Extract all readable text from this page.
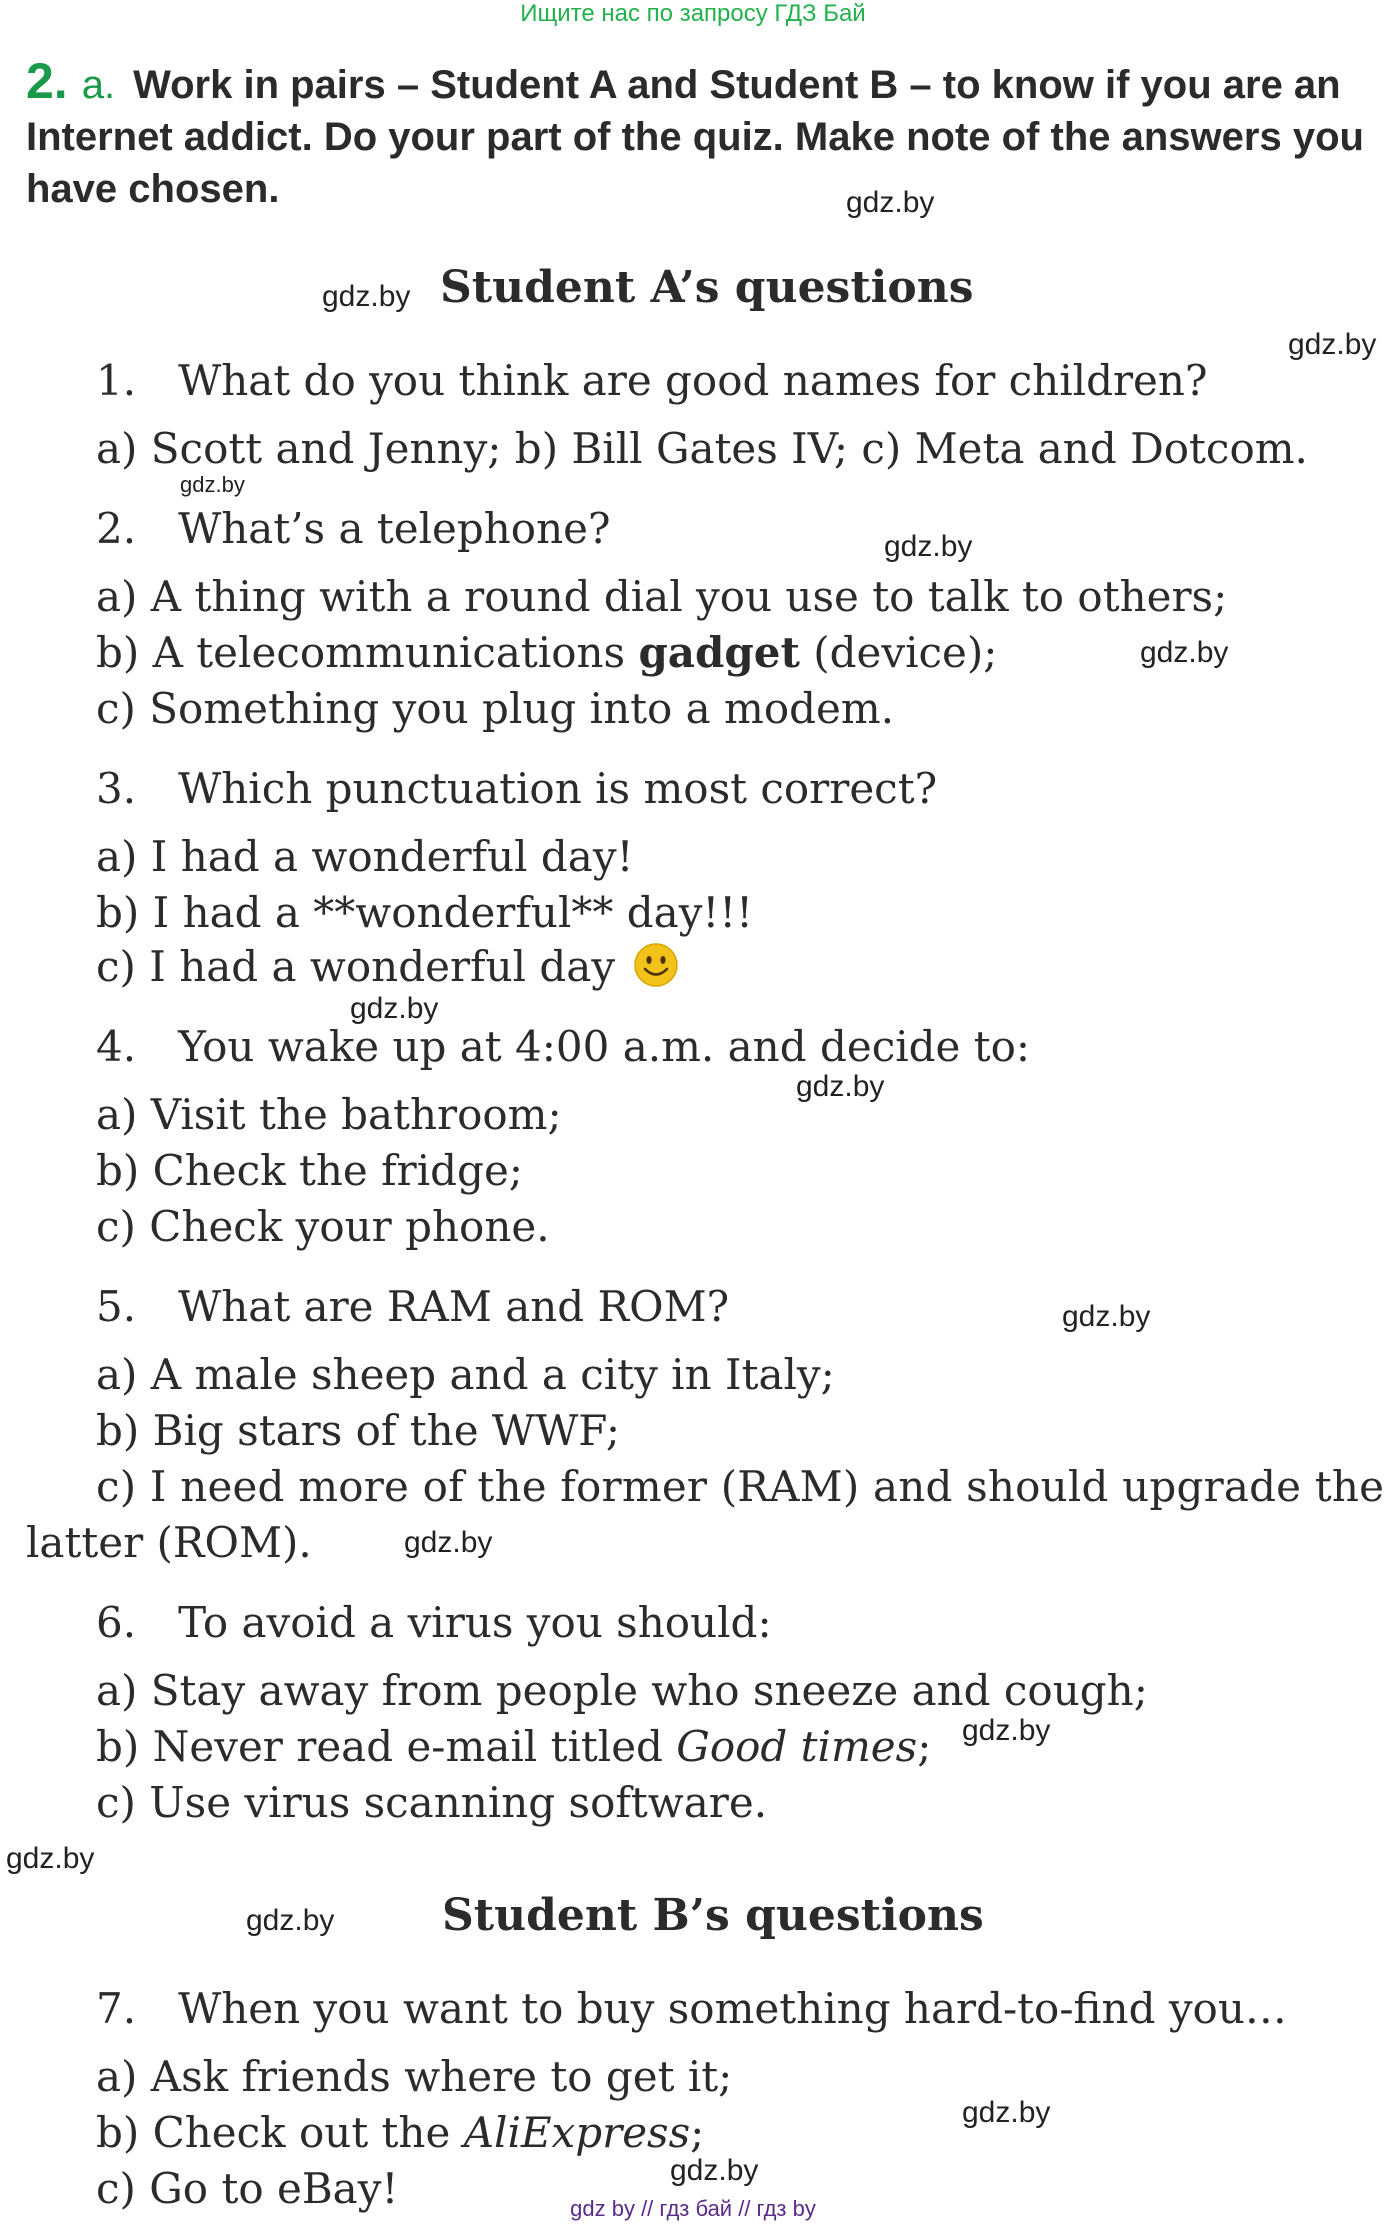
Ищите нас по запросу ГДЗ Бай
2. a. Work in pairs – Student A and Student B – to know if you are an Internet addict. Do your part of the quiz. Make note of the answers you have chosen.
Student A’s questions
1. What do you think are good names for children?
a) Scott and Jenny; b) Bill Gates IV; c) Meta and Dotcom.
2. What’s a telephone?
a) A thing with a round dial you use to talk to others;
b) A telecommunications gadget (device);
c) Something you plug into a modem.
3. Which punctuation is most correct?
a) I had a wonderful day!
b) I had a **wonderful** day!!!
c) I had a wonderful day
4. You wake up at 4:00 a.m. and decide to:
a) Visit the bathroom;
b) Check the fridge;
c) Check your phone.
5. What are RAM and ROM?
a) A male sheep and a city in Italy;
b) Big stars of the WWF;
c) I need more of the former (RAM) and should upgrade the
latter (ROM).
6. To avoid a virus you should:
a) Stay away from people who sneeze and cough;
b) Never read e-mail titled Good times;
c) Use virus scanning software.
Student B’s questions
7. When you want to buy something hard-to-find you…
a) Ask friends where to get it;
b) Check out the AliExpress;
c) Go to eBay!
gdz.by
gdz.by
gdz.by
gdz.by
gdz.by
gdz.by
gdz.by
gdz.by
gdz.by
gdz.by
gdz.by
gdz.by
gdz.by
gdz.by
gdz.by
gdz by // гдз бай // гдз by
